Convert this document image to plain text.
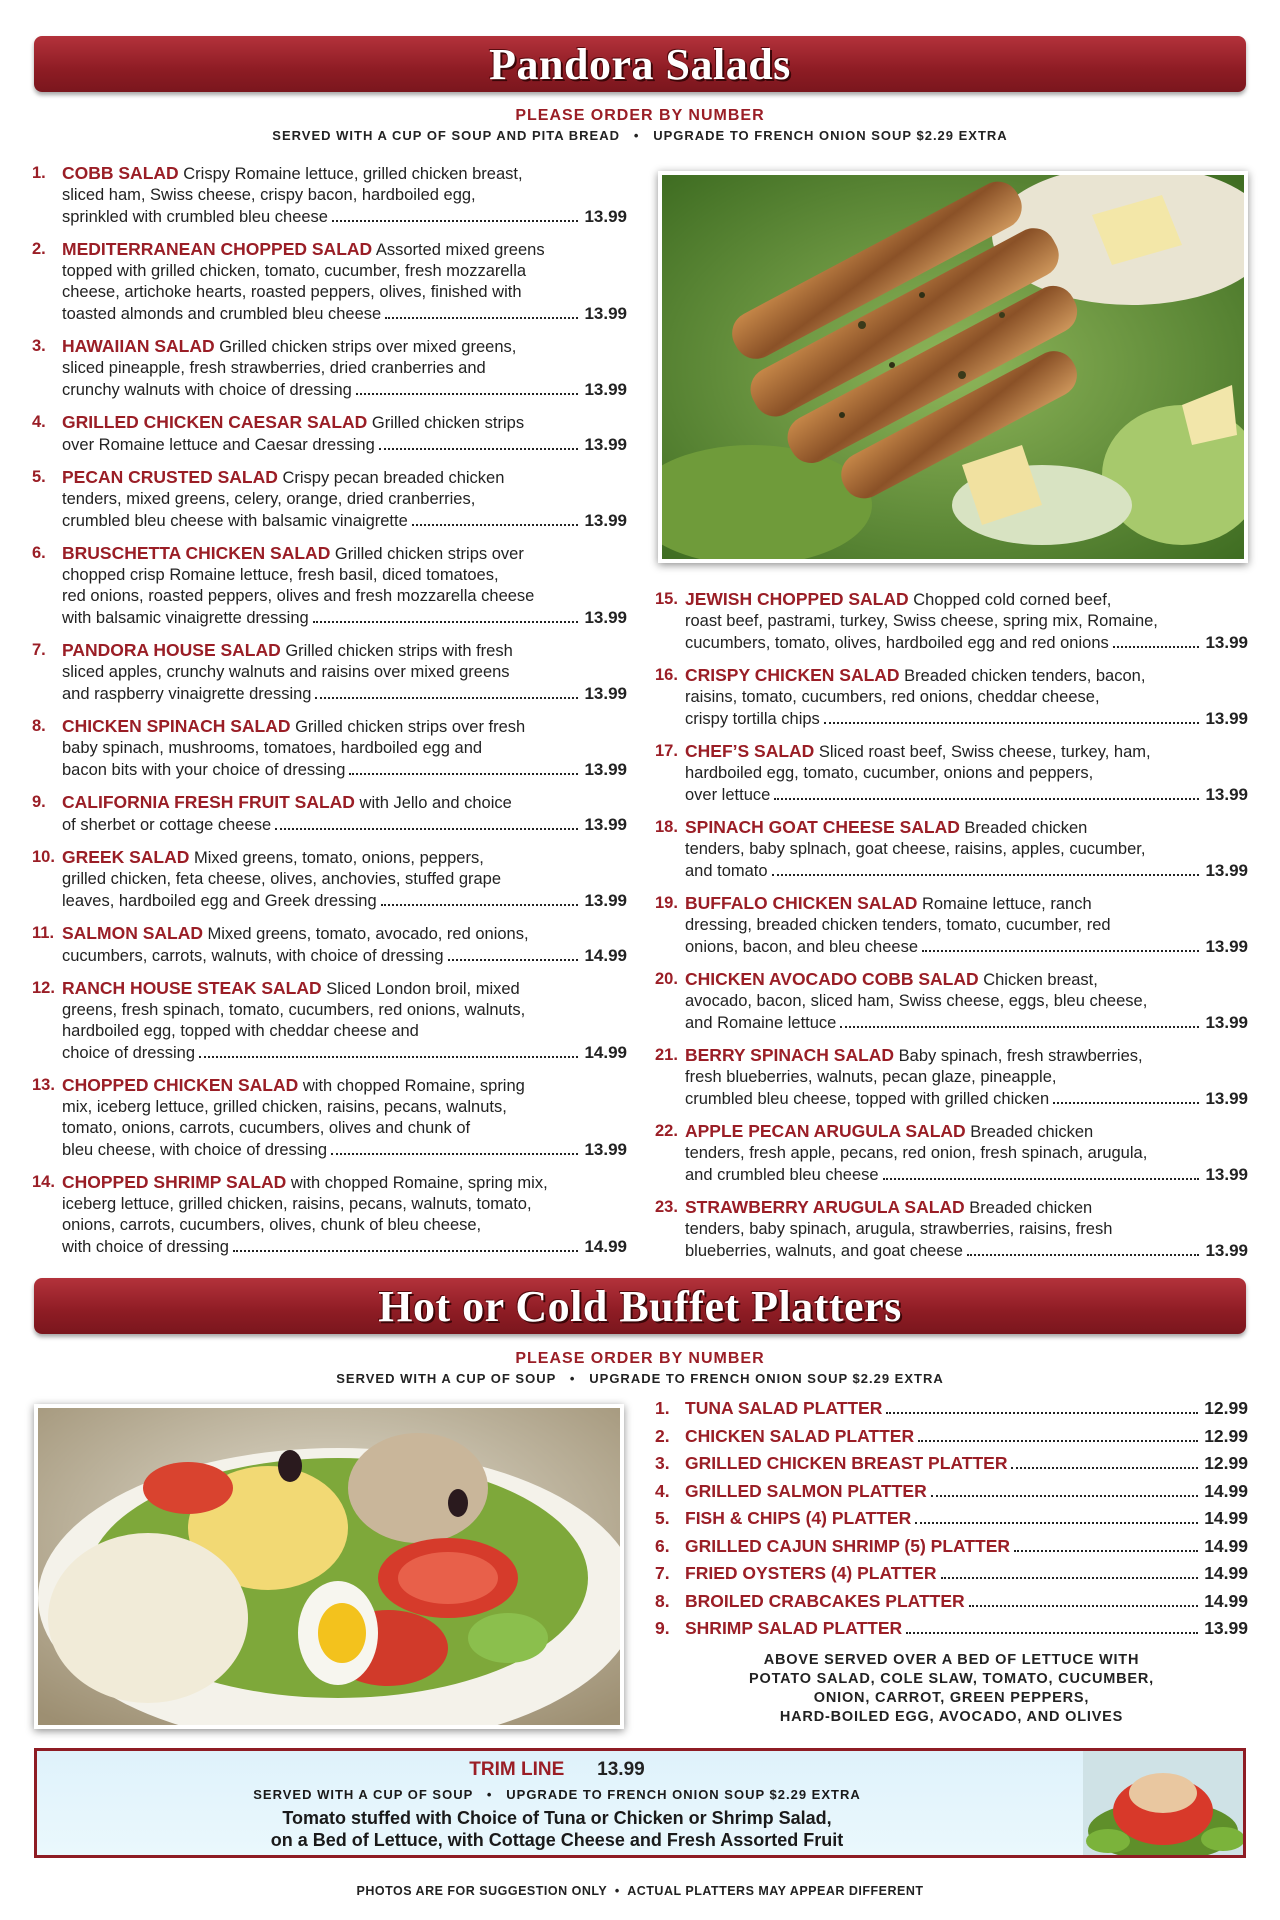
Pandora Salads
PLEASE ORDER BY NUMBER
SERVED WITH A CUP OF SOUP AND PITA BREAD   •   UPGRADE TO FRENCH ONION SOUP $2.29 EXTRA
1. COBB SALAD Crispy Romaine lettuce, grilled chicken breast,
sliced ham, Swiss cheese, crispy bacon, hardboiled egg,
sprinkled with crumbled bleu cheese	13.99
2. MEDITERRANEAN CHOPPED SALAD Assorted mixed greens
topped with grilled chicken, tomato, cucumber, fresh mozzarella
cheese, artichoke hearts, roasted peppers, olives, finished with
toasted almonds and crumbled bleu cheese	13.99
3. HAWAIIAN SALAD Grilled chicken strips over mixed greens,
sliced pineapple, fresh strawberries, dried cranberries and
crunchy walnuts with choice of dressing	13.99
4. GRILLED CHICKEN CAESAR SALAD Grilled chicken strips
over Romaine lettuce and Caesar dressing	13.99
5. PECAN CRUSTED SALAD Crispy pecan breaded chicken
tenders, mixed greens, celery, orange, dried cranberries,
crumbled bleu cheese with balsamic vinaigrette	13.99
6. BRUSCHETTA CHICKEN SALAD Grilled chicken strips over
chopped crisp Romaine lettuce, fresh basil, diced tomatoes,
red onions, roasted peppers, olives and fresh mozzarella cheese
with balsamic vinaigrette dressing	13.99
7. PANDORA HOUSE SALAD Grilled chicken strips with fresh
sliced apples, crunchy walnuts and raisins over mixed greens
and raspberry vinaigrette dressing	13.99
8. CHICKEN SPINACH SALAD Grilled chicken strips over fresh
baby spinach, mushrooms, tomatoes, hardboiled egg and
bacon bits with your choice of dressing	13.99
9. CALIFORNIA FRESH FRUIT SALAD with Jello and choice
of sherbet or cottage cheese	13.99
10. GREEK SALAD Mixed greens, tomato, onions, peppers,
grilled chicken, feta cheese, olives, anchovies, stuffed grape
leaves, hardboiled egg and Greek dressing	13.99
11. SALMON SALAD Mixed greens, tomato, avocado, red onions,
cucumbers, carrots, walnuts, with choice of dressing	14.99
12. RANCH HOUSE STEAK SALAD Sliced London broil, mixed
greens, fresh spinach, tomato, cucumbers, red onions, walnuts,
hardboiled egg, topped with cheddar cheese and
choice of dressing	14.99
13. CHOPPED CHICKEN SALAD with chopped Romaine, spring
mix, iceberg lettuce, grilled chicken, raisins, pecans, walnuts,
tomato, onions, carrots, cucumbers, olives and chunk of
bleu cheese, with choice of dressing	13.99
14. CHOPPED SHRIMP SALAD with chopped Romaine, spring mix,
iceberg lettuce, grilled chicken, raisins, pecans, walnuts, tomato,
onions, carrots, cucumbers, olives, chunk of bleu cheese,
with choice of dressing	14.99
15. JEWISH CHOPPED SALAD Chopped cold corned beef,
roast beef, pastrami, turkey, Swiss cheese, spring mix, Romaine,
cucumbers, tomato, olives, hardboiled egg and red onions	13.99
16. CRISPY CHICKEN SALAD Breaded chicken tenders, bacon,
raisins, tomato, cucumbers, red onions, cheddar cheese,
crispy tortilla chips	13.99
17. CHEF’S SALAD Sliced roast beef, Swiss cheese, turkey, ham,
hardboiled egg, tomato, cucumber, onions and peppers,
over lettuce	13.99
18. SPINACH GOAT CHEESE SALAD Breaded chicken
tenders, baby splnach, goat cheese, raisins, apples, cucumber,
and tomato	13.99
19. BUFFALO CHICKEN SALAD Romaine lettuce, ranch
dressing, breaded chicken tenders, tomato, cucumber, red
onions, bacon, and bleu cheese	13.99
20. CHICKEN AVOCADO COBB SALAD Chicken breast,
avocado, bacon, sliced ham, Swiss cheese, eggs, bleu cheese,
and Romaine lettuce	13.99
21. BERRY SPINACH SALAD Baby spinach, fresh strawberries,
fresh blueberries, walnuts, pecan glaze, pineapple,
crumbled bleu cheese, topped with grilled chicken	13.99
22. APPLE PECAN ARUGULA SALAD Breaded chicken
tenders, fresh apple, pecans, red onion, fresh spinach, arugula,
and crumbled bleu cheese	13.99
23. STRAWBERRY ARUGULA SALAD Breaded chicken
tenders, baby spinach, arugula, strawberries, raisins, fresh
blueberries, walnuts, and goat cheese	13.99
Hot or Cold Buffet Platters
PLEASE ORDER BY NUMBER
SERVED WITH A CUP OF SOUP   •   UPGRADE TO FRENCH ONION SOUP $2.29 EXTRA
1. TUNA SALAD PLATTER	12.99
2. CHICKEN SALAD PLATTER	12.99
3. GRILLED CHICKEN BREAST PLATTER	12.99
4. GRILLED SALMON PLATTER	14.99
5. FISH & CHIPS (4) PLATTER	14.99
6. GRILLED CAJUN SHRIMP (5) PLATTER	14.99
7. FRIED OYSTERS (4) PLATTER	14.99
8. BROILED CRABCAKES PLATTER	14.99
9. SHRIMP SALAD PLATTER	13.99
ABOVE SERVED OVER A BED OF LETTUCE WITH
POTATO SALAD, COLE SLAW, TOMATO, CUCUMBER,
ONION, CARROT, GREEN PEPPERS,
HARD-BOILED EGG, AVOCADO, AND OLIVES
TRIM LINE 13.99
SERVED WITH A CUP OF SOUP   •   UPGRADE TO FRENCH ONION SOUP $2.29 EXTRA
Tomato stuffed with Choice of Tuna or Chicken or Shrimp Salad,
on a Bed of Lettuce, with Cottage Cheese and Fresh Assorted Fruit
PHOTOS ARE FOR SUGGESTION ONLY  •  ACTUAL PLATTERS MAY APPEAR DIFFERENT
